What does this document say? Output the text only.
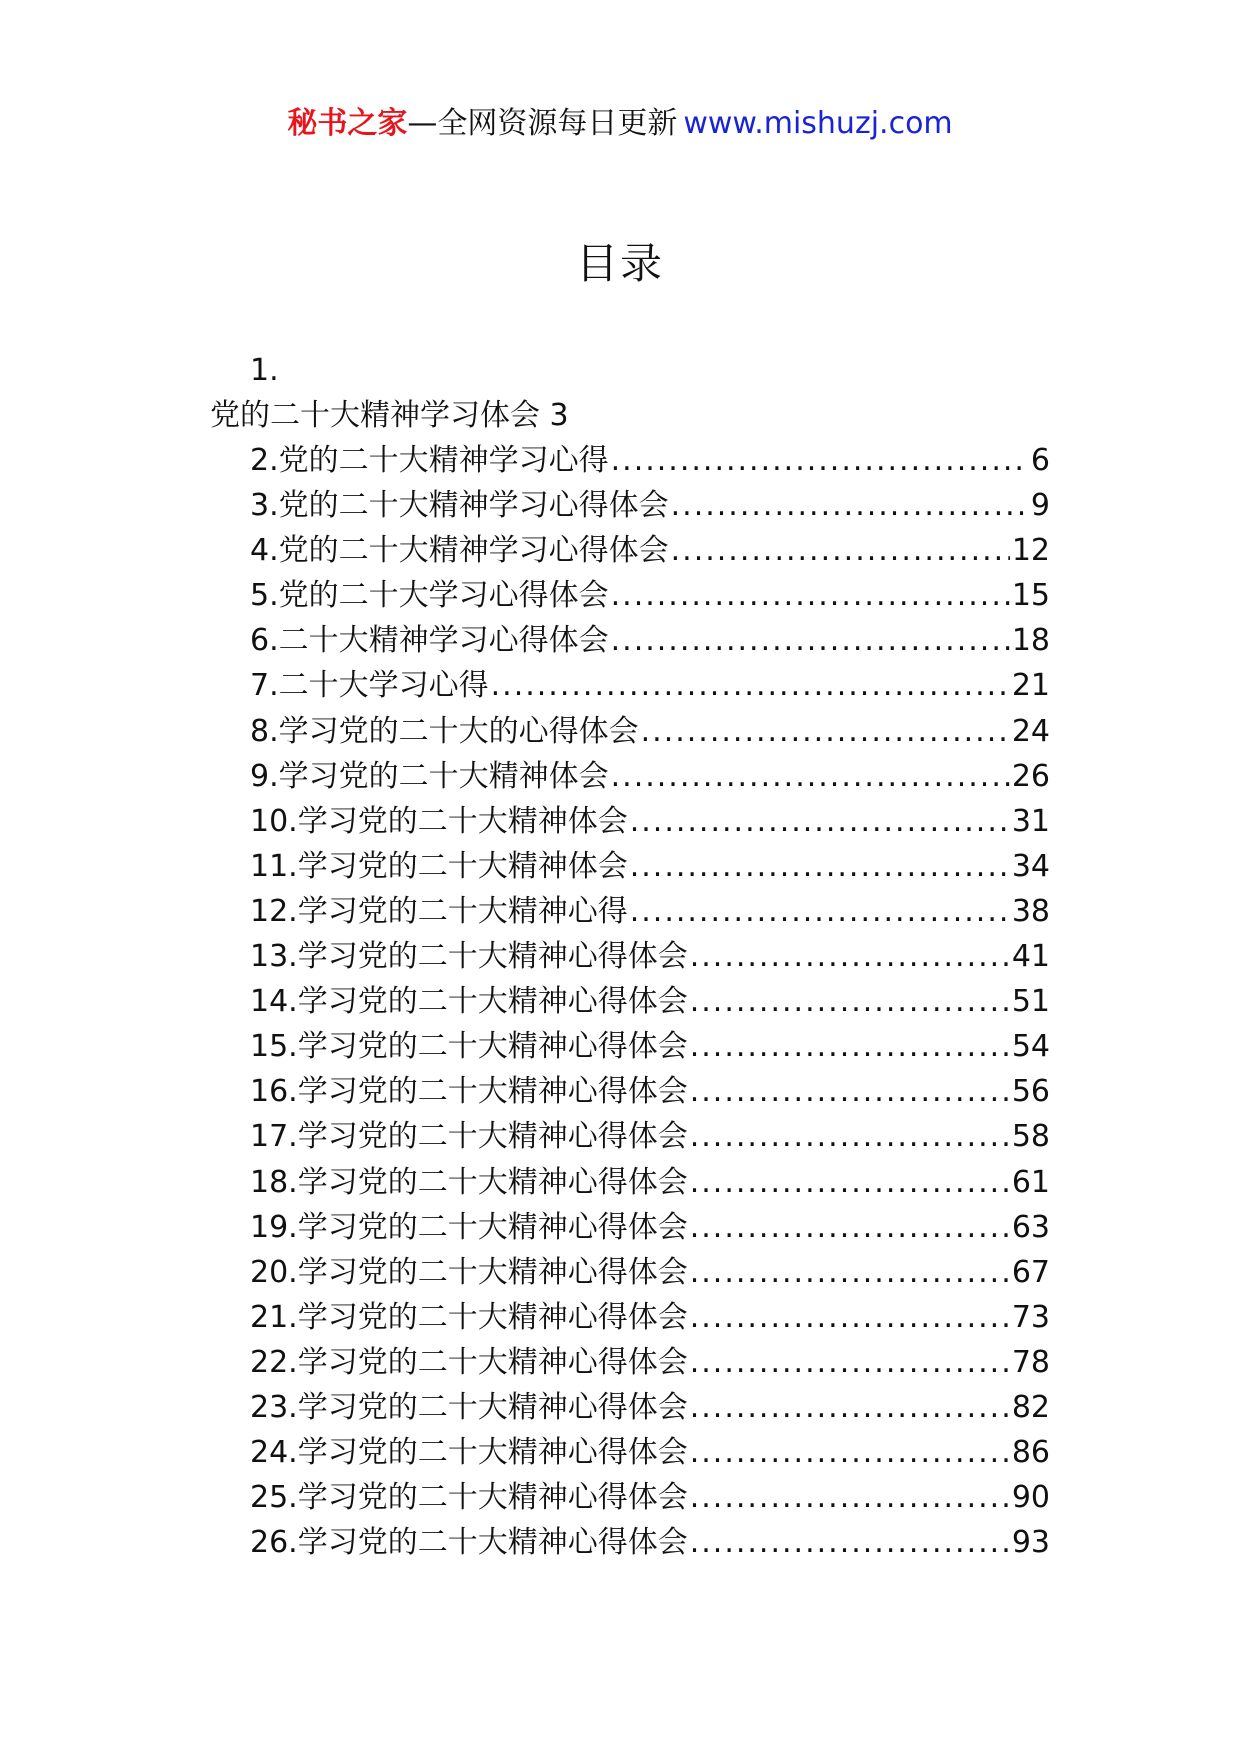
秘书之家—全网资源每日更新 www.mishuzj.com
目录
1.
党的二十大精神学习体会 3
2.党的二十大精神学习心得 .....	6
3.党的二十大精神学习心得体会 .....	9
4.党的二十大精神学习心得体会 .....	12
5.党的二十大学习心得体会 .....	15
6.二十大精神学习心得体会 .....	18
7.二十大学习心得 .....	21
8.学习党的二十大的心得体会 .....	24
9.学习党的二十大精神体会 .....	26
10.学习党的二十大精神体会 .....	31
11.学习党的二十大精神体会 .....	34
12.学习党的二十大精神心得 .....	38
13.学习党的二十大精神心得体会 .....	41
14.学习党的二十大精神心得体会 .....	51
15.学习党的二十大精神心得体会 .....	54
16.学习党的二十大精神心得体会 .....	56
17.学习党的二十大精神心得体会 .....	58
18.学习党的二十大精神心得体会 .....	61
19.学习党的二十大精神心得体会 .....	63
20.学习党的二十大精神心得体会 .....	67
21.学习党的二十大精神心得体会 .....	73
22.学习党的二十大精神心得体会 .....	78
23.学习党的二十大精神心得体会 .....	82
24.学习党的二十大精神心得体会 .....	86
25.学习党的二十大精神心得体会 .....	90
26.学习党的二十大精神心得体会 .....	93
